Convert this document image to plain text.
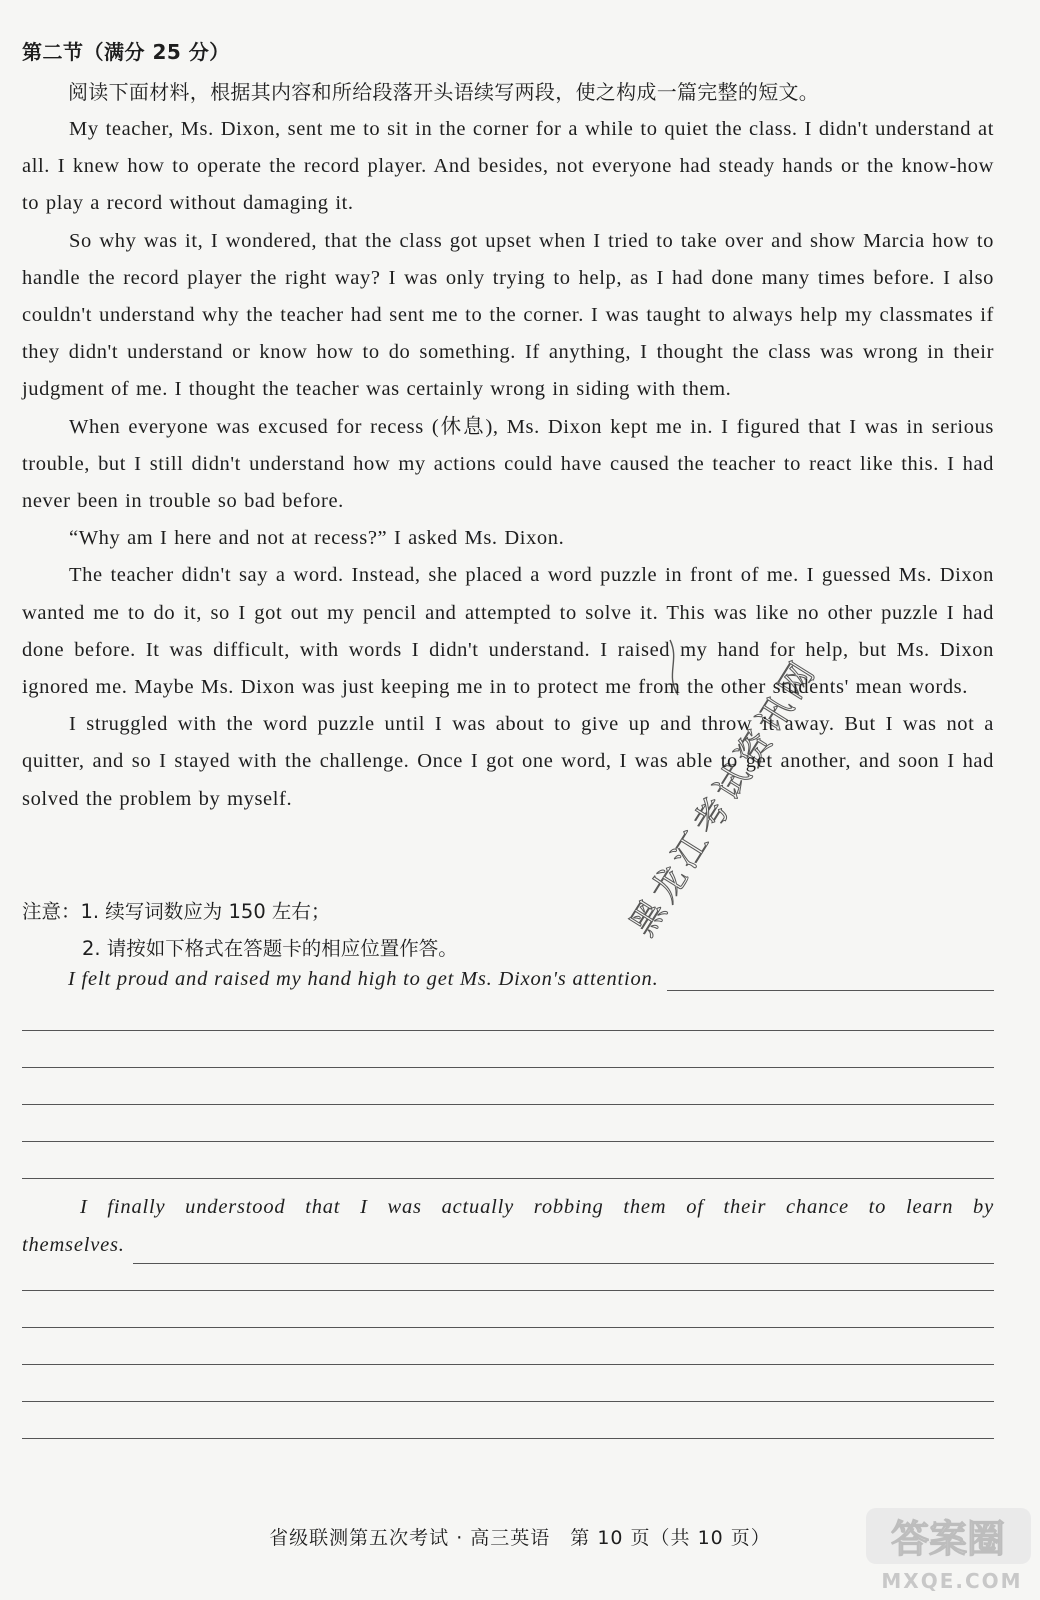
第二节（满分 25 分）
阅读下面材料，根据其内容和所给段落开头语续写两段，使之构成一篇完整的短文。

My teacher, Ms. Dixon, sent me to sit in the corner for a while to quiet the class. I didn't understand at all. I knew how to operate the record player. And besides, not everyone had steady hands or the know-how to play a record without damaging it.

So why was it, I wondered, that the class got upset when I tried to take over and show Marcia how to handle the record player the right way? I was only trying to help, as I had done many times before. I also couldn't understand why the teacher had sent me to the corner. I was taught to always help my classmates if they didn't understand or know how to do something. If anything, I thought the class was wrong in their judgment of me. I thought the teacher was certainly wrong in siding with them.

When everyone was excused for recess (休息), Ms. Dixon kept me in. I figured that I was in serious trouble, but I still didn't understand how my actions could have caused the teacher to react like this. I had never been in trouble so bad before.

“Why am I here and not at recess?” I asked Ms. Dixon.

The teacher didn't say a word. Instead, she placed a word puzzle in front of me. I guessed Ms. Dixon wanted me to do it, so I got out my pencil and attempted to solve it. This was like no other puzzle I had done before. It was difficult, with words I didn't understand. I raised my hand for help, but Ms. Dixon ignored me. Maybe Ms. Dixon was just keeping me in to protect me from the other students' mean words.

I struggled with the word puzzle until I was about to give up and throw it away. But I was not a quitter, and so I stayed with the challenge. Once I got one word, I was able to get another, and soon I had solved the problem by myself.

注意：1. 续写词数应为 150 左右；
2. 请按如下格式在答题卡的相应位置作答。
I felt proud and raised my hand high to get Ms. Dixon's attention.
I finally understood that I was actually robbing them of their chance to learn by
themselves.
省级联测第五次考试 · 高三英语　第 10 页（共 10 页）
黑龙江考试资讯网
答案圈
MXQE.COM
